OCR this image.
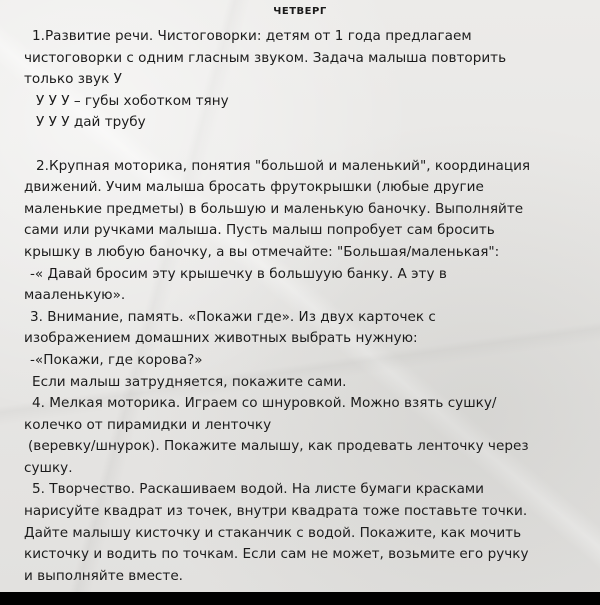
ЧЕТВЕРГ
1.Развитие речи. Чистоговорки: детям от 1 года предлагаем
чистоговорки с одним гласным звуком. Задача малыша повторить
только звук У
У У У – губы хоботком тяну
У У У дай трубу
2.Крупная моторика, понятия "большой и маленький", координация
движений. Учим малыша бросать фрутокрышки (любые другие
маленькие предметы) в большую и маленькую баночку. Выполняйте
сами или ручками малыша. Пусть малыш попробует сам бросить
крышку в любую баночку, а вы отмечайте: "Большая/маленькая":
-« Давай бросим эту крышечку в большуую банку. А эту в
мааленькую».
3. Внимание, память. «Покажи где». Из двух карточек с
изображением домашних животных выбрать нужную:
-«Покажи, где корова?»
Если малыш затрудняется, покажите сами.
4. Мелкая моторика. Играем со шнуровкой. Можно взять сушку/
колечко от пирамидки и ленточку
(веревку/шнурок). Покажите малышу, как продевать ленточку через
сушку.
5. Творчество. Раскашиваем водой. На листе бумаги красками
нарисуйте квадрат из точек, внутри квадрата тоже поставьте точки.
Дайте малышу кисточку и стаканчик с водой. Покажите, как мочить
кисточку и водить по точкам. Если сам не может, возьмите его ручку
и выполняйте вместе.
